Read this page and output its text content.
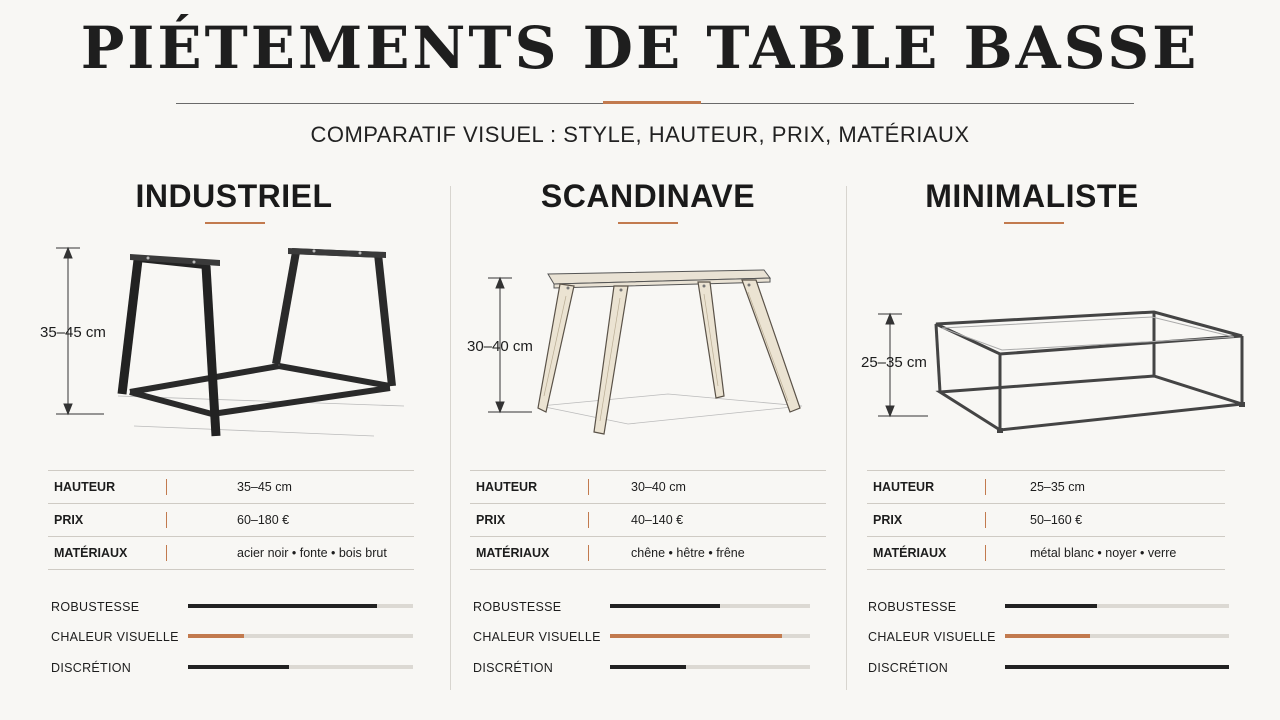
PIÉTEMENTS DE TABLE BASSE
COMPARATIF VISUEL : STYLE, HAUTEUR, PRIX, MATÉRIAUX
INDUSTRIEL
35–45 cm
HAUTEUR		35–45 cm
PRIX		60–180 €
MATÉRIAUX		acier noir • fonte • bois brut
ROBUSTESSE
CHALEUR VISUELLE
DISCRÉTION
SCANDINAVE
30–40 cm
HAUTEUR		30–40 cm
PRIX		40–140 €
MATÉRIAUX		chêne • hêtre • frêne
ROBUSTESSE
CHALEUR VISUELLE
DISCRÉTION
MINIMALISTE
25–35 cm
HAUTEUR		25–35 cm
PRIX		50–160 €
MATÉRIAUX		métal blanc • noyer • verre
ROBUSTESSE
CHALEUR VISUELLE
DISCRÉTION
